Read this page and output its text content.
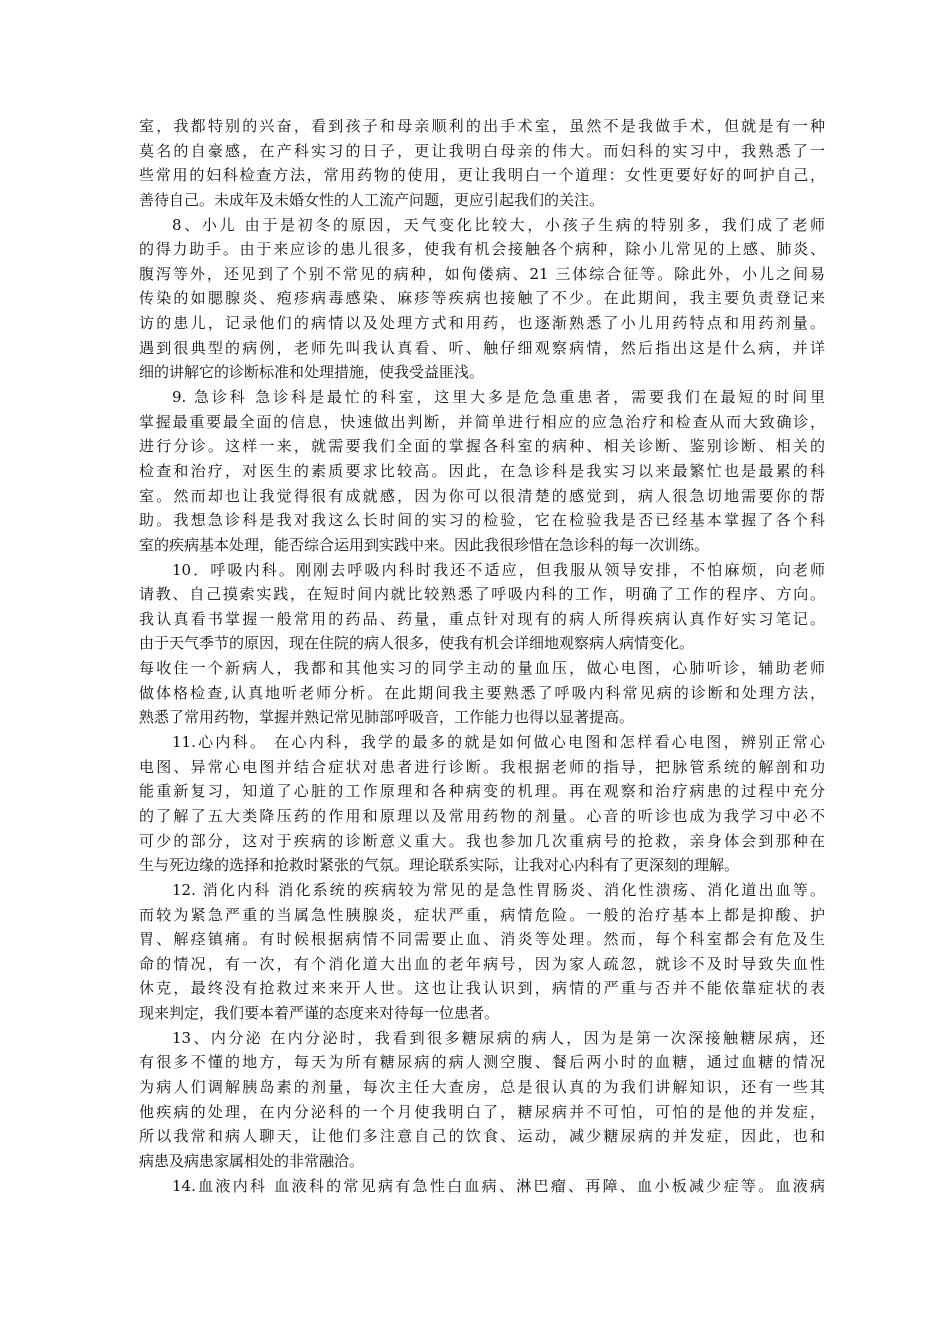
室，我都特别的兴奋，看到孩子和母亲顺利的出手术室，虽然不是我做手术，但就是有一种
莫名的自豪感，在产科实习的日子，更让我明白母亲的伟大。而妇科的实习中，我熟悉了一
些常用的妇科检查方法，常用药物的使用，更让我明白一个道理：女性更要好好的呵护自己，
善待自己。未成年及未婚女性的人工流产问题，更应引起我们的关注。
8、小儿 由于是初冬的原因，天气变化比较大，小孩子生病的特别多，我们成了老师
的得力助手。由于来应诊的患儿很多，使我有机会接触各个病种，除小儿常见的上感、肺炎、
腹泻等外，还见到了个别不常见的病种，如佝偻病、21 三体综合征等。除此外，小儿之间易
传染的如腮腺炎、疱疹病毒感染、麻疹等疾病也接触了不少。在此期间，我主要负责登记来
访的患儿，记录他们的病情以及处理方式和用药，也逐渐熟悉了小儿用药特点和用药剂量。
遇到很典型的病例，老师先叫我认真看、听、触仔细观察病情，然后指出这是什么病，并详
细的讲解它的诊断标准和处理措施，使我受益匪浅。
9. 急诊科 急诊科是最忙的科室，这里大多是危急重患者，需要我们在最短的时间里
掌握最重要最全面的信息，快速做出判断，并简单进行相应的应急治疗和检查从而大致确诊，
进行分诊。这样一来，就需要我们全面的掌握各科室的病种、相关诊断、鉴别诊断、相关的
检查和治疗，对医生的素质要求比较高。因此，在急诊科是我实习以来最繁忙也是最累的科
室。然而却也让我觉得很有成就感，因为你可以很清楚的感觉到，病人很急切地需要你的帮
助。我想急诊科是我对我这么长时间的实习的检验，它在检验我是否已经基本掌握了各个科
室的疾病基本处理，能否综合运用到实践中来。因此我很珍惜在急诊科的每一次训练。
10．呼吸内科。刚刚去呼吸内科时我还不适应，但我服从领导安排，不怕麻烦，向老师
请教、自己摸索实践，在短时间内就比较熟悉了呼吸内科的工作，明确了工作的程序、方向。
我认真看书掌握一般常用的药品、药量，重点针对现有的病人所得疾病认真作好实习笔记。
由于天气季节的原因，现在住院的病人很多，使我有机会详细地观察病人病情变化。
每收住一个新病人，我都和其他实习的同学主动的量血压，做心电图，心肺听诊，辅助老师
做体格检查,认真地听老师分析。在此期间我主要熟悉了呼吸内科常见病的诊断和处理方法，
熟悉了常用药物，掌握并熟记常见肺部呼吸音，工作能力也得以显著提高。
11.心内科。 在心内科，我学的最多的就是如何做心电图和怎样看心电图，辨别正常心
电图、异常心电图并结合症状对患者进行诊断。我根据老师的指导，把脉管系统的解剖和功
能重新复习，知道了心脏的工作原理和各种病变的机理。再在观察和治疗病患的过程中充分
的了解了五大类降压药的作用和原理以及常用药物的剂量。心音的听诊也成为我学习中必不
可少的部分，这对于疾病的诊断意义重大。我也参加几次重病号的抢救，亲身体会到那种在
生与死边缘的选择和抢救时紧张的气氛。理论联系实际，让我对心内科有了更深刻的理解。
12. 消化内科 消化系统的疾病较为常见的是急性胃肠炎、消化性溃疡、消化道出血等。
而较为紧急严重的当属急性胰腺炎，症状严重，病情危险。一般的治疗基本上都是抑酸、护
胃、解痉镇痛。有时候根据病情不同需要止血、消炎等处理。然而，每个科室都会有危及生
命的情况，有一次，有个消化道大出血的老年病号，因为家人疏忽，就诊不及时导致失血性
休克，最终没有抢救过来来开人世。这也让我认识到，病情的严重与否并不能依靠症状的表
现来判定，我们要本着严谨的态度来对待每一位患者。
13、内分泌 在内分泌时，我看到很多糖尿病的病人，因为是第一次深接触糖尿病，还
有很多不懂的地方，每天为所有糖尿病的病人测空腹、餐后两小时的血糖，通过血糖的情况
为病人们调解胰岛素的剂量，每次主任大查房，总是很认真的为我们讲解知识，还有一些其
他疾病的处理，在内分泌科的一个月使我明白了，糖尿病并不可怕，可怕的是他的并发症，
所以我常和病人聊天，让他们多注意自己的饮食、运动，减少糖尿病的并发症，因此，也和
病患及病患家属相处的非常融洽。
14.血液内科 血液科的常见病有急性白血病、淋巴瘤、再障、血小板减少症等。血液病
